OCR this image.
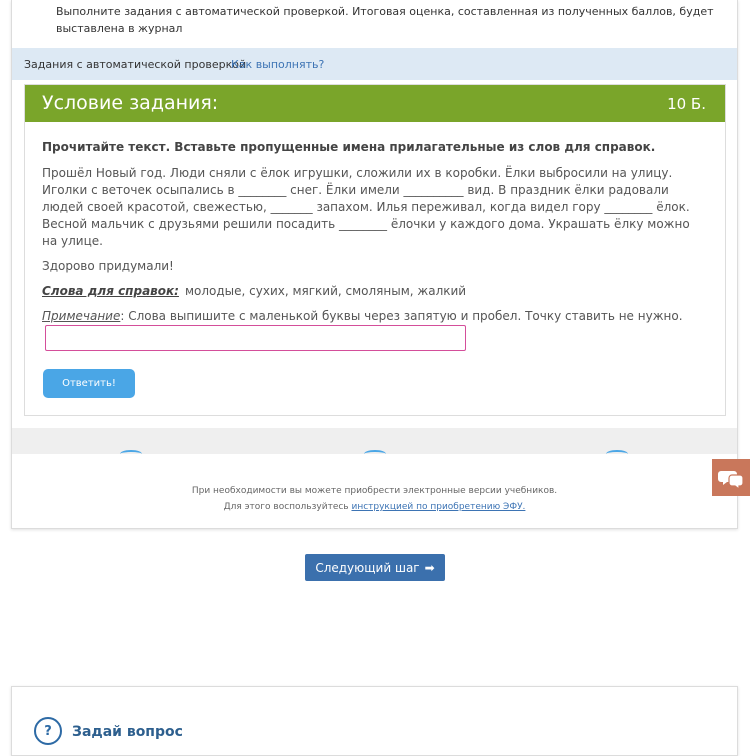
Выполните задания с автоматической проверкой. Итоговая оценка, составленная из полученных баллов, будет выставлена в журнал
Задания с автоматической проверкой
Как выполнять?
Условие задания:	10 Б.

Прочитайте текст. Вставьте пропущенные имена прилагательные из слов для справок.

Прошёл Новый год. Люди сняли с ёлок игрушки, сложили их в коробки. Ёлки выбросили на улицу. Иголки с веточек осыпались в ________ снег. Ёлки имели __________ вид. В праздник ёлки радовали людей своей красотой, свежестью, _______ запахом. Илья переживал, когда видел гору ________ ёлок. Весной мальчик с друзьями решили посадить ________ ёлочки у каждого дома. Украшать ёлку можно на улице.

Здорово придумали!

Слова для справок: молодые, сухих, мягкий, смоляным, жалкий

Примечание: Слова выпишите с маленькой буквы через запятую и пробел. Точку ставить не нужно.

Ответить!
При необходимости вы можете приобрести электронные версии учебников.
Для этого воспользуйтесь инструкцией по приобретению ЭФУ.
Следующий шаг ➡
?	Задай вопрос
